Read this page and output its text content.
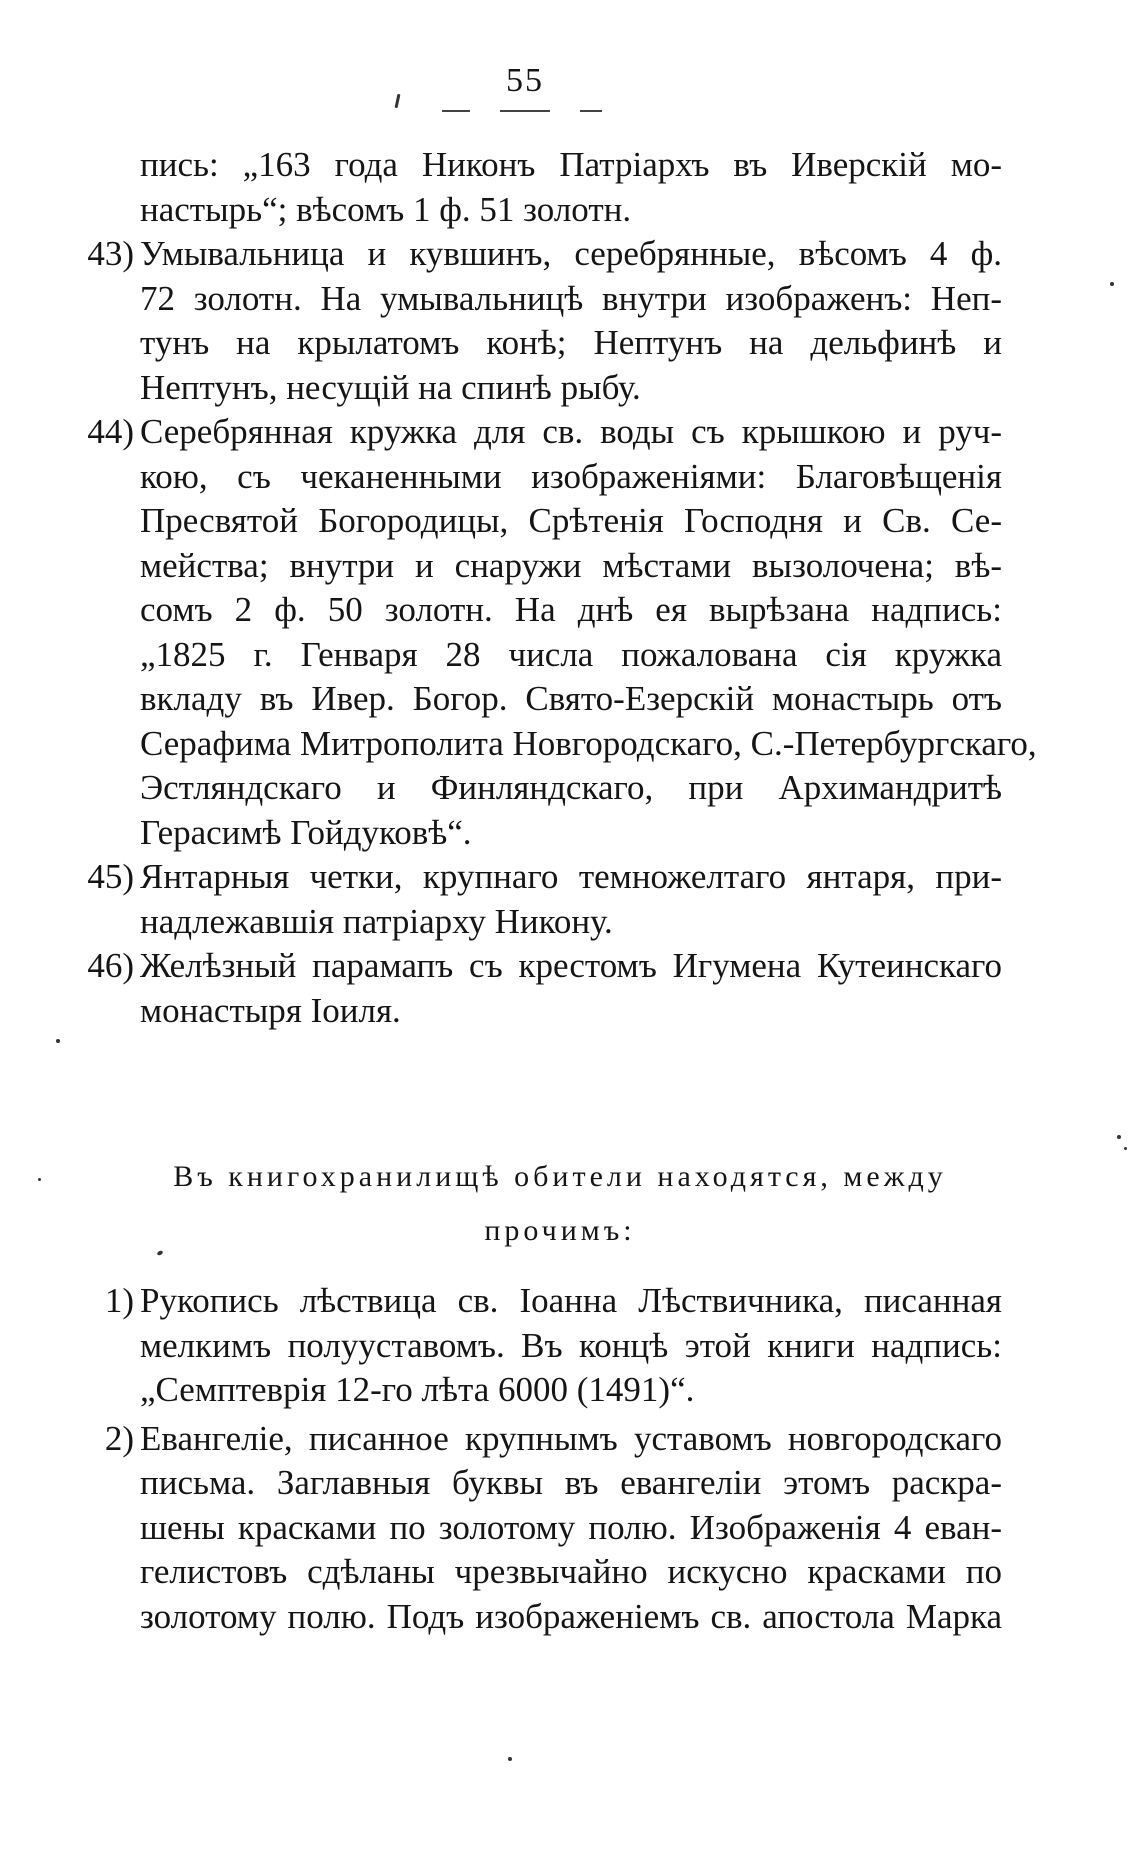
55
пись: „163 года Никонъ Патріархъ въ Иверскій мо-
настырь“; вѣсомъ 1 ф. 51 золотн.
43) Умывальница и кувшинъ, серебрянные, вѣсомъ 4 ф.
72 золотн. На умывальницѣ внутри изображенъ: Неп-
тунъ на крылатомъ конѣ; Нептунъ на дельфинѣ и
Нептунъ, несущій на спинѣ рыбу.
44) Серебрянная кружка для св. воды съ крышкою и руч-
кою, съ чеканенными изображеніями: Благовѣщенія
Пресвятой Богородицы, Срѣтенія Господня и Св. Се-
мейства; внутри и снаружи мѣстами вызолочена; вѣ-
сомъ 2 ф. 50 золотн. На днѣ ея вырѣзана надпись:
„1825 г. Генваря 28 числа пожалована сія кружка
вкладу въ Ивер. Богор. Свято-Езерскій монастырь отъ
Серафима Митрополита Новгородскаго, С.-Петербургскаго,
Эстляндскаго и Финляндскаго, при Архимандритѣ
Герасимѣ Гойдуковѣ“.
45) Янтарныя четки, крупнаго темножелтаго янтаря, при-
надлежавшія патріарху Никону.
46) Желѣзный парамапъ съ крестомъ Игумена Кутеинскаго
монастыря Іоиля.
Въ книгохранилищѣ обители находятся, между
прочимъ:
1) Рукопись лѣствица св. Іоанна Лѣствичника, писанная
мелкимъ полууставомъ. Въ концѣ этой книги надпись:
„Семптеврія 12-го лѣта 6000 (1491)“.
2) Евангеліе, писанное крупнымъ уставомъ новгородскаго
письма. Заглавныя буквы въ евангеліи этомъ раскра-
шены красками по золотому полю. Изображенія 4 еван-
гелистовъ сдѣланы чрезвычайно искусно красками по
золотому полю. Подъ изображеніемъ св. апостола Марка
